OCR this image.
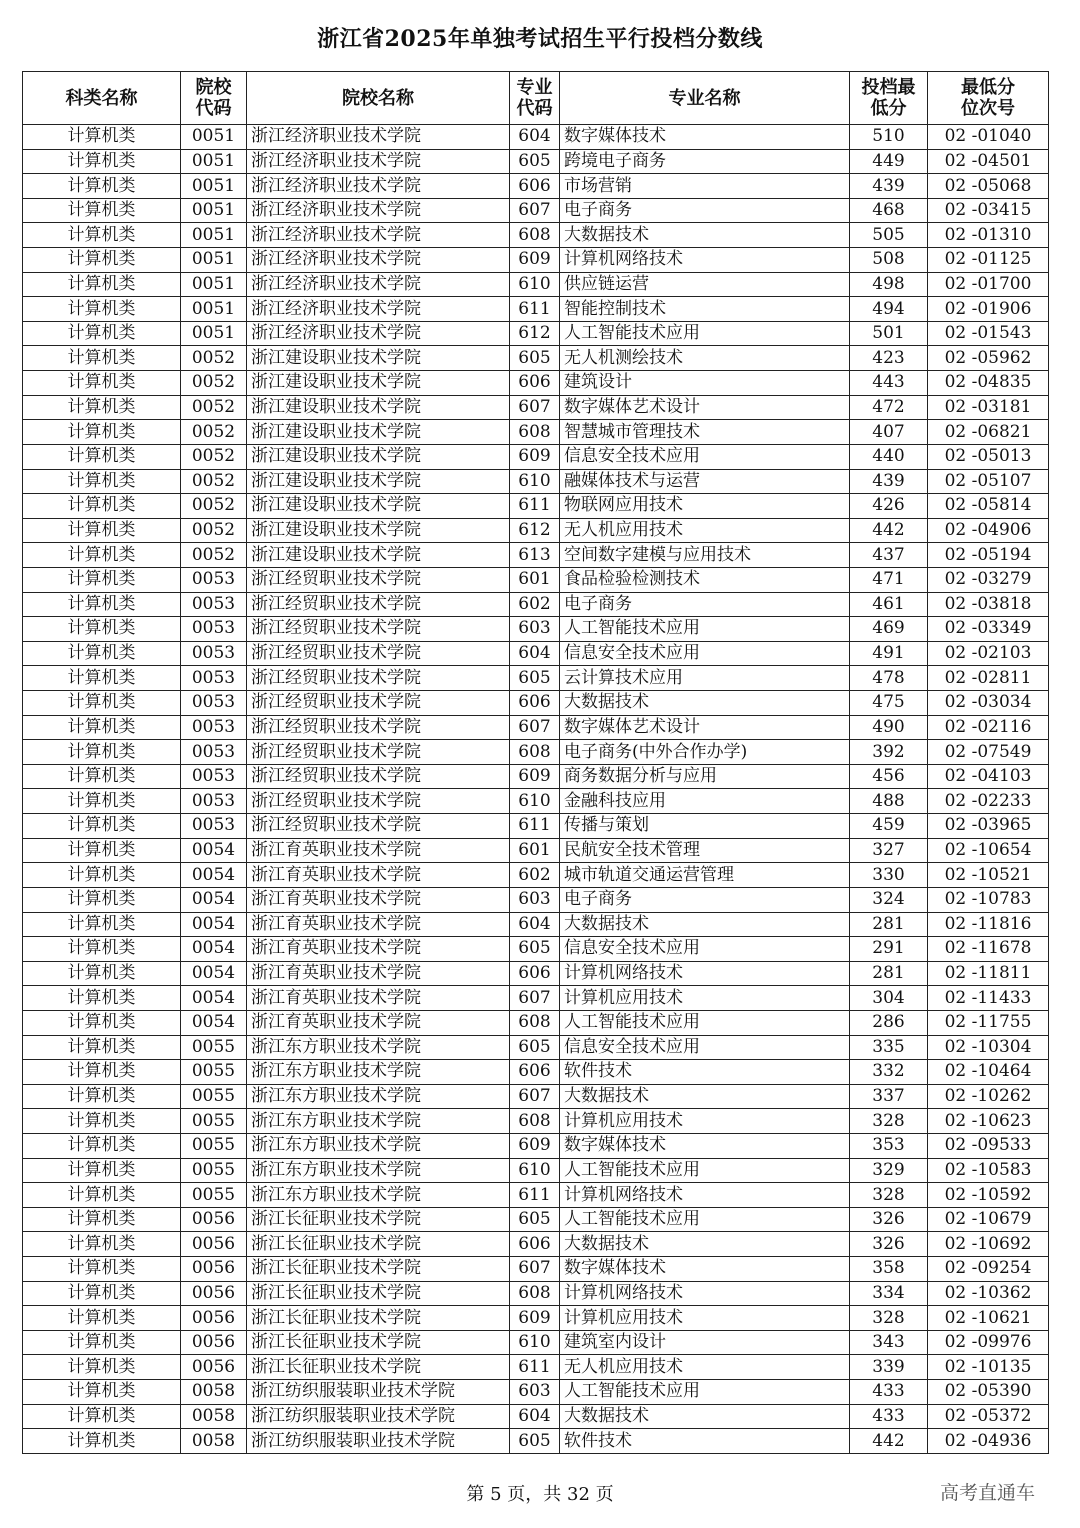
浙江省2025年单独考试招生平行投档分数线
科类名称	院校代码	院校名称	专业代码	专业名称	投档最低分	最低分位次号
计算机类	0051	浙江经济职业技术学院	604	数字媒体技术	510	02 -01040
计算机类	0051	浙江经济职业技术学院	605	跨境电子商务	449	02 -04501
计算机类	0051	浙江经济职业技术学院	606	市场营销	439	02 -05068
计算机类	0051	浙江经济职业技术学院	607	电子商务	468	02 -03415
计算机类	0051	浙江经济职业技术学院	608	大数据技术	505	02 -01310
计算机类	0051	浙江经济职业技术学院	609	计算机网络技术	508	02 -01125
计算机类	0051	浙江经济职业技术学院	610	供应链运营	498	02 -01700
计算机类	0051	浙江经济职业技术学院	611	智能控制技术	494	02 -01906
计算机类	0051	浙江经济职业技术学院	612	人工智能技术应用	501	02 -01543
计算机类	0052	浙江建设职业技术学院	605	无人机测绘技术	423	02 -05962
计算机类	0052	浙江建设职业技术学院	606	建筑设计	443	02 -04835
计算机类	0052	浙江建设职业技术学院	607	数字媒体艺术设计	472	02 -03181
计算机类	0052	浙江建设职业技术学院	608	智慧城市管理技术	407	02 -06821
计算机类	0052	浙江建设职业技术学院	609	信息安全技术应用	440	02 -05013
计算机类	0052	浙江建设职业技术学院	610	融媒体技术与运营	439	02 -05107
计算机类	0052	浙江建设职业技术学院	611	物联网应用技术	426	02 -05814
计算机类	0052	浙江建设职业技术学院	612	无人机应用技术	442	02 -04906
计算机类	0052	浙江建设职业技术学院	613	空间数字建模与应用技术	437	02 -05194
计算机类	0053	浙江经贸职业技术学院	601	食品检验检测技术	471	02 -03279
计算机类	0053	浙江经贸职业技术学院	602	电子商务	461	02 -03818
计算机类	0053	浙江经贸职业技术学院	603	人工智能技术应用	469	02 -03349
计算机类	0053	浙江经贸职业技术学院	604	信息安全技术应用	491	02 -02103
计算机类	0053	浙江经贸职业技术学院	605	云计算技术应用	478	02 -02811
计算机类	0053	浙江经贸职业技术学院	606	大数据技术	475	02 -03034
计算机类	0053	浙江经贸职业技术学院	607	数字媒体艺术设计	490	02 -02116
计算机类	0053	浙江经贸职业技术学院	608	电子商务(中外合作办学)	392	02 -07549
计算机类	0053	浙江经贸职业技术学院	609	商务数据分析与应用	456	02 -04103
计算机类	0053	浙江经贸职业技术学院	610	金融科技应用	488	02 -02233
计算机类	0053	浙江经贸职业技术学院	611	传播与策划	459	02 -03965
计算机类	0054	浙江育英职业技术学院	601	民航安全技术管理	327	02 -10654
计算机类	0054	浙江育英职业技术学院	602	城市轨道交通运营管理	330	02 -10521
计算机类	0054	浙江育英职业技术学院	603	电子商务	324	02 -10783
计算机类	0054	浙江育英职业技术学院	604	大数据技术	281	02 -11816
计算机类	0054	浙江育英职业技术学院	605	信息安全技术应用	291	02 -11678
计算机类	0054	浙江育英职业技术学院	606	计算机网络技术	281	02 -11811
计算机类	0054	浙江育英职业技术学院	607	计算机应用技术	304	02 -11433
计算机类	0054	浙江育英职业技术学院	608	人工智能技术应用	286	02 -11755
计算机类	0055	浙江东方职业技术学院	605	信息安全技术应用	335	02 -10304
计算机类	0055	浙江东方职业技术学院	606	软件技术	332	02 -10464
计算机类	0055	浙江东方职业技术学院	607	大数据技术	337	02 -10262
计算机类	0055	浙江东方职业技术学院	608	计算机应用技术	328	02 -10623
计算机类	0055	浙江东方职业技术学院	609	数字媒体技术	353	02 -09533
计算机类	0055	浙江东方职业技术学院	610	人工智能技术应用	329	02 -10583
计算机类	0055	浙江东方职业技术学院	611	计算机网络技术	328	02 -10592
计算机类	0056	浙江长征职业技术学院	605	人工智能技术应用	326	02 -10679
计算机类	0056	浙江长征职业技术学院	606	大数据技术	326	02 -10692
计算机类	0056	浙江长征职业技术学院	607	数字媒体技术	358	02 -09254
计算机类	0056	浙江长征职业技术学院	608	计算机网络技术	334	02 -10362
计算机类	0056	浙江长征职业技术学院	609	计算机应用技术	328	02 -10621
计算机类	0056	浙江长征职业技术学院	610	建筑室内设计	343	02 -09976
计算机类	0056	浙江长征职业技术学院	611	无人机应用技术	339	02 -10135
计算机类	0058	浙江纺织服装职业技术学院	603	人工智能技术应用	433	02 -05390
计算机类	0058	浙江纺织服装职业技术学院	604	大数据技术	433	02 -05372
计算机类	0058	浙江纺织服装职业技术学院	605	软件技术	442	02 -04936
第 5 页，共 32 页	高考直通车
